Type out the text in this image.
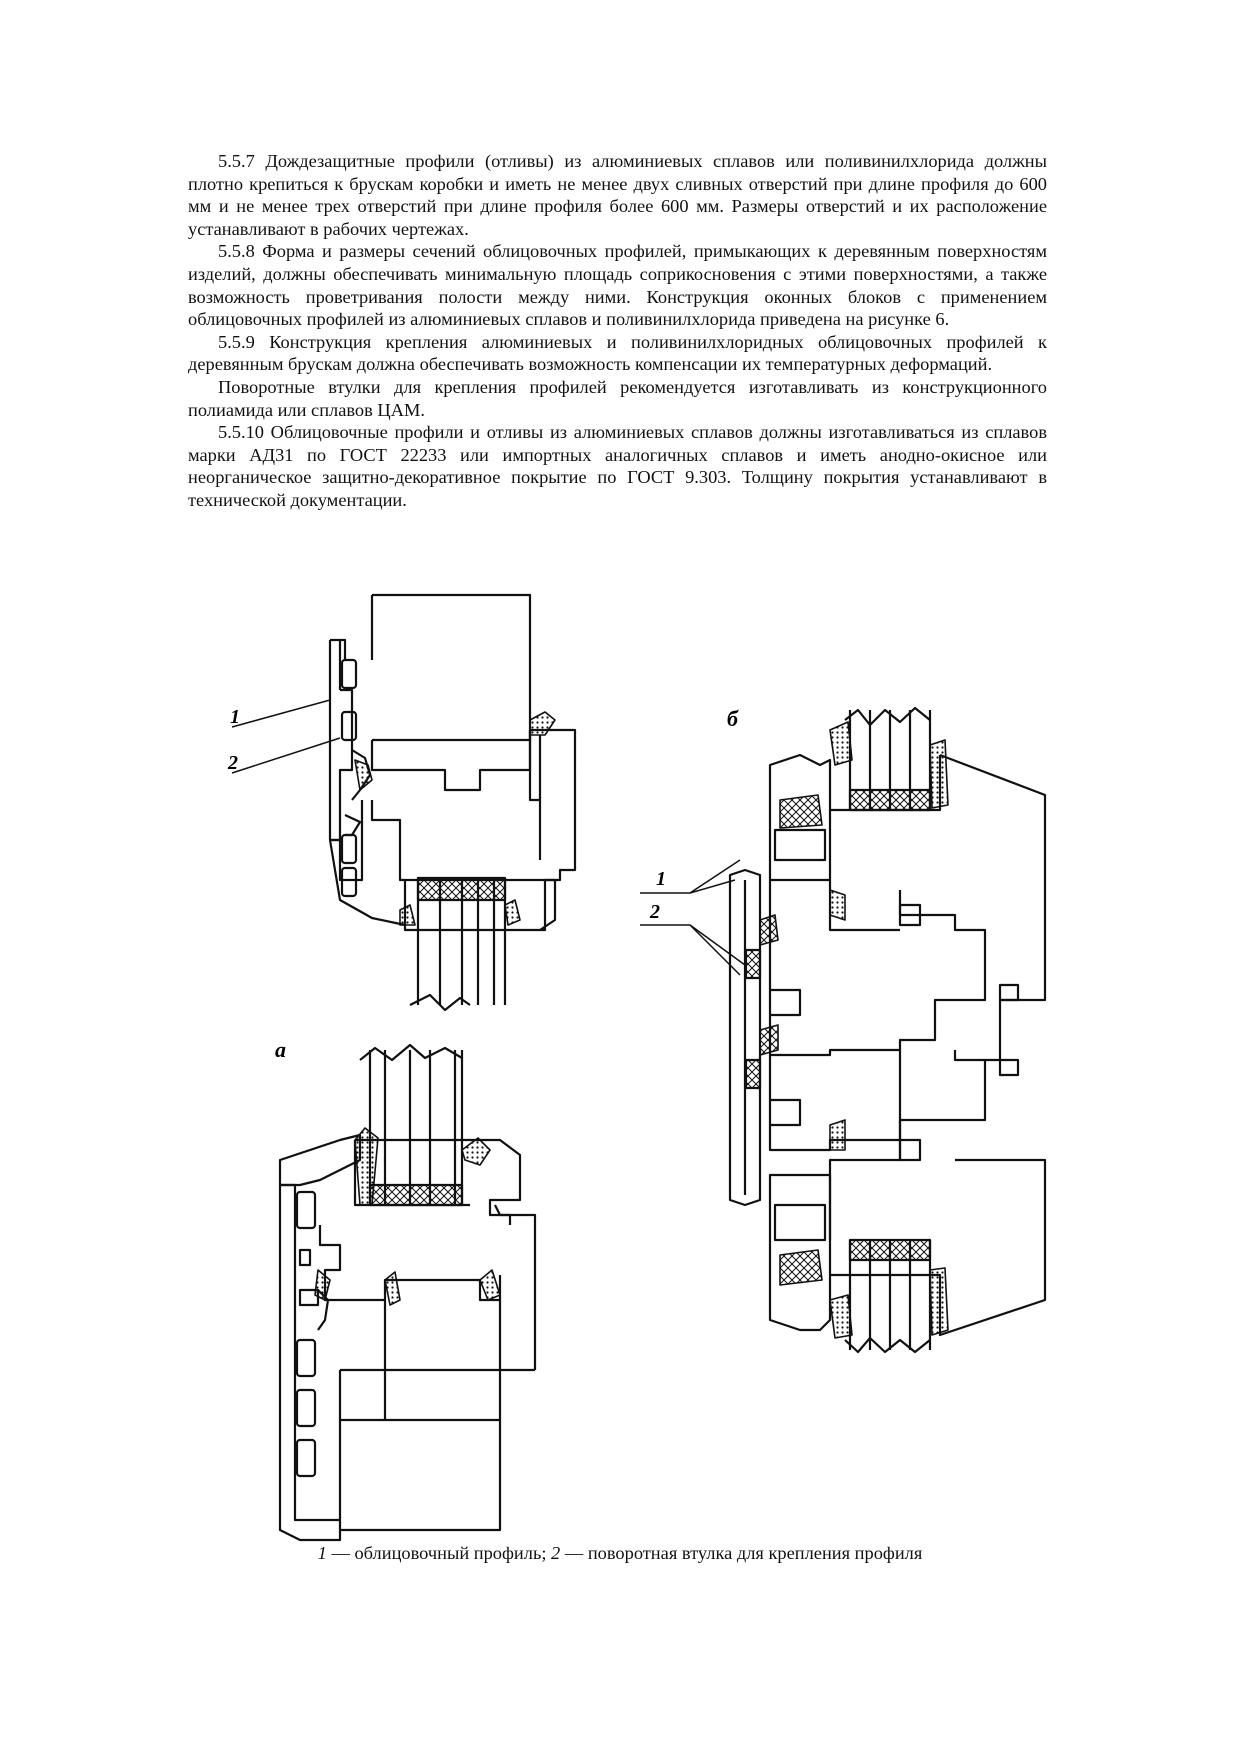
5.5.7 Дождезащитные профили (отливы) из алюминиевых сплавов или поливинилхлорида должны плотно крепиться к брускам коробки и иметь не менее двух сливных отверстий при длине профиля до 600 мм и не менее трех отверстий при длине профиля более 600 мм. Размеры отверстий и их расположение устанавливают в рабочих чертежах.

5.5.8 Форма и размеры сечений облицовочных профилей, примыкающих к деревянным поверхностям изделий, должны обеспечивать минимальную площадь соприкосновения с этими поверхностями, а также возможность проветривания полости между ними. Конструкция оконных блоков с применением облицовочных профилей из алюминиевых сплавов и поливинилхлорида приведена на рисунке 6.

5.5.9 Конструкция крепления алюминиевых и поливинилхлоридных облицовочных профилей к деревянным брускам должна обеспечивать возможность компенсации их температурных деформаций.

Поворотные втулки для крепления профилей рекомендуется изготавливать из конструкционного полиамида или сплавов ЦАМ.

5.5.10 Облицовочные профили и отливы из алюминиевых сплавов должны изготавливаться из сплавов марки АД31 по ГОСТ 22233 или импортных аналогичных сплавов и иметь анодно-окисное или неорганическое защитно-декоративное покрытие по ГОСТ 9.303. Толщину покрытия устанавливают в технической документации.

1
2
а
б
1
2
1 — облицовочный профиль; 2 — поворотная втулка для крепления профиля
